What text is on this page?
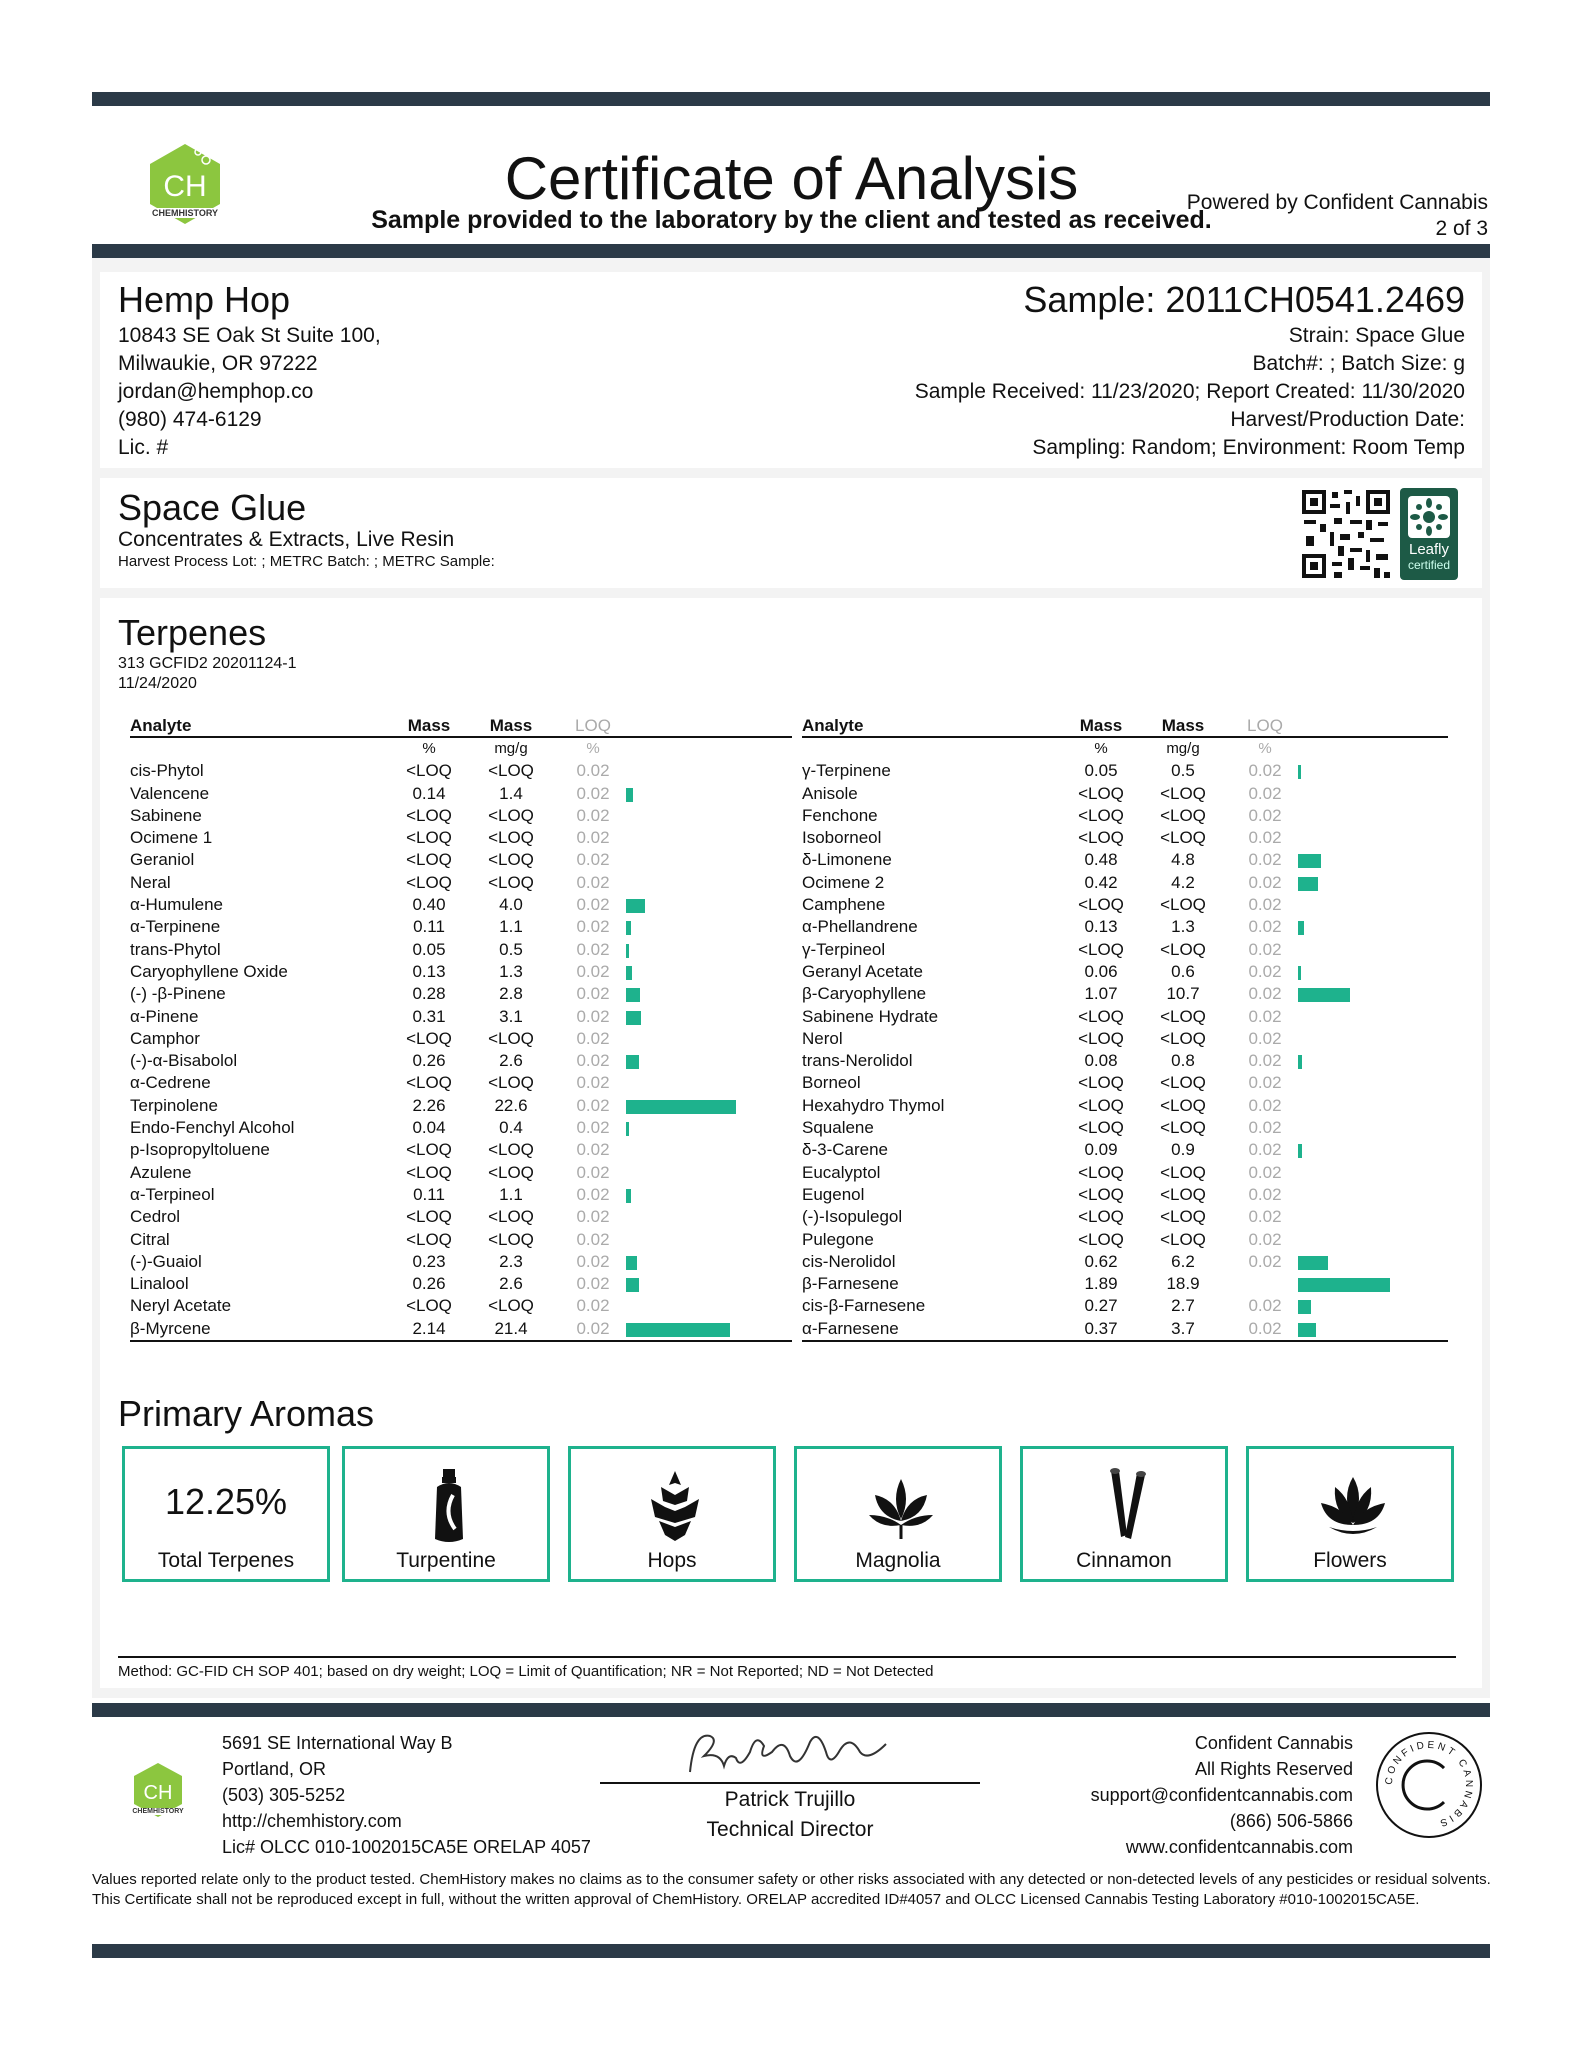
CH
CHEMHISTORY
Certificate of Analysis
Sample provided to the laboratory by the client and tested as received.
Powered by Confident Cannabis
2 of 3
Hemp Hop
10843 SE Oak St Suite 100,
Milwaukie, OR 97222
jordan@hemphop.co
(980) 474-6129
Lic. #
Sample: 2011CH0541.2469
Strain: Space Glue
Batch#: ; Batch Size: g
Sample Received: 11/23/2020; Report Created: 11/30/2020
Harvest/Production Date:
Sampling: Random; Environment: Room Temp
Space Glue
Concentrates & Extracts, Live Resin
Harvest Process Lot: ; METRC Batch: ; METRC Sample:
Leafly
certified
Terpenes
313 GCFID2 20201124-1
11/24/2020
Analyte	Mass	Mass	LOQ	
	%	mg/g	%	
cis-Phytol	<LOQ	<LOQ	0.02	
Valencene	0.14	1.4	0.02	

Sabinene	<LOQ	<LOQ	0.02	
Ocimene 1	<LOQ	<LOQ	0.02	
Geraniol	<LOQ	<LOQ	0.02	
Neral	<LOQ	<LOQ	0.02	
α-Humulene	0.40	4.0	0.02	

α-Terpinene	0.11	1.1	0.02	

trans-Phytol	0.05	0.5	0.02	

Caryophyllene Oxide	0.13	1.3	0.02	

(-) -β-Pinene	0.28	2.8	0.02	

α-Pinene	0.31	3.1	0.02	

Camphor	<LOQ	<LOQ	0.02	
(-)-α-Bisabolol	0.26	2.6	0.02	

α-Cedrene	<LOQ	<LOQ	0.02	
Terpinolene	2.26	22.6	0.02	

Endo-Fenchyl Alcohol	0.04	0.4	0.02	

p-Isopropyltoluene	<LOQ	<LOQ	0.02	
Azulene	<LOQ	<LOQ	0.02	
α-Terpineol	0.11	1.1	0.02	

Cedrol	<LOQ	<LOQ	0.02	
Citral	<LOQ	<LOQ	0.02	
(-)-Guaiol	0.23	2.3	0.02	

Linalool	0.26	2.6	0.02	

Neryl Acetate	<LOQ	<LOQ	0.02	
β-Myrcene	2.14	21.4	0.02	
Analyte	Mass	Mass	LOQ	
	%	mg/g	%	
γ-Terpinene	0.05	0.5	0.02	

Anisole	<LOQ	<LOQ	0.02	
Fenchone	<LOQ	<LOQ	0.02	
Isoborneol	<LOQ	<LOQ	0.02	
δ-Limonene	0.48	4.8	0.02	

Ocimene 2	0.42	4.2	0.02	

Camphene	<LOQ	<LOQ	0.02	
α-Phellandrene	0.13	1.3	0.02	

γ-Terpineol	<LOQ	<LOQ	0.02	
Geranyl Acetate	0.06	0.6	0.02	

β-Caryophyllene	1.07	10.7	0.02	

Sabinene Hydrate	<LOQ	<LOQ	0.02	
Nerol	<LOQ	<LOQ	0.02	
trans-Nerolidol	0.08	0.8	0.02	

Borneol	<LOQ	<LOQ	0.02	
Hexahydro Thymol	<LOQ	<LOQ	0.02	
Squalene	<LOQ	<LOQ	0.02	
δ-3-Carene	0.09	0.9	0.02	

Eucalyptol	<LOQ	<LOQ	0.02	
Eugenol	<LOQ	<LOQ	0.02	
(-)-Isopulegol	<LOQ	<LOQ	0.02	
Pulegone	<LOQ	<LOQ	0.02	
cis-Nerolidol	0.62	6.2	0.02	

β-Farnesene	1.89	18.9		

cis-β-Farnesene	0.27	2.7	0.02	

α-Farnesene	0.37	3.7	0.02	
Primary Aromas
12.25%
Total Terpenes	Turpentine	Hops	Magnolia	Cinnamon	Flowers
Method: GC-FID CH SOP 401; based on dry weight; LOQ = Limit of Quantification; NR = Not Reported; ND = Not Detected
CH
CHEMHISTORY
5691 SE International Way B
Portland, OR
(503) 305-5252
http://chemhistory.com
Lic# OLCC 010-1002015CA5E ORELAP 4057
Patrick Trujillo
Technical Director
Confident Cannabis
All Rights Reserved
support@confidentcannabis.com
(866) 506-5866
www.confidentcannabis.com
CONFIDENT CANNABIS
Values reported relate only to the product tested. ChemHistory makes no claims as to the consumer safety or other risks associated with any detected or non-detected levels of any pesticides or residual solvents. This Certificate shall not be reproduced except in full, without the written approval of ChemHistory. ORELAP accredited ID#4057 and OLCC Licensed Cannabis Testing Laboratory #010-1002015CA5E.
